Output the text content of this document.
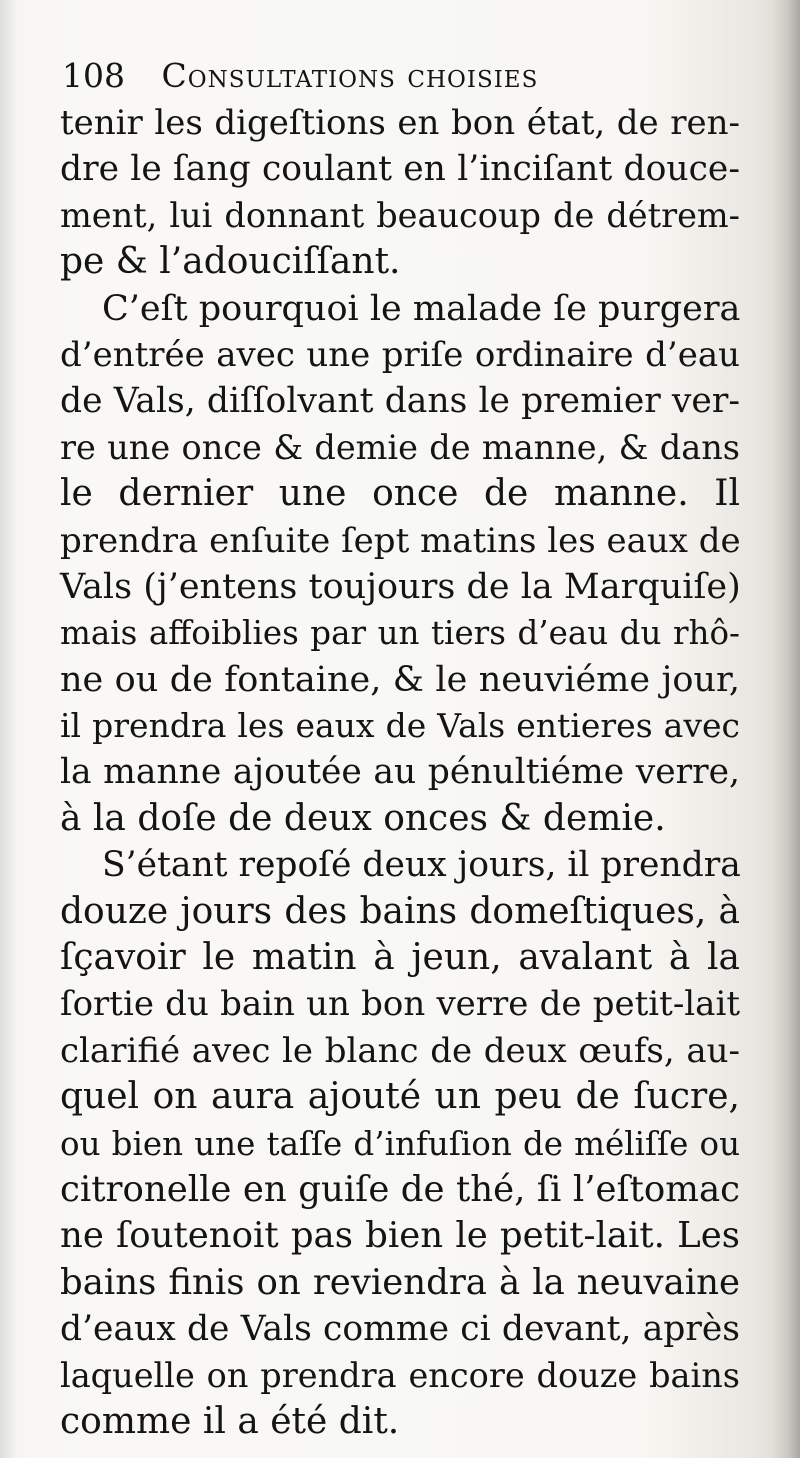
108 Consultations choisies
tenir les digeſtions en bon état, de ren-
dre le ſang coulant en l’inciſant douce-
ment, lui donnant beaucoup de détrem-
pe & l’adouciſſant.
C’eſt pourquoi le malade ſe purgera
d’entrée avec une priſe ordinaire d’eau
de Vals, diſſolvant dans le premier ver-
re une once & demie de manne, & dans
le dernier une once de manne. Il
prendra enſuite ſept matins les eaux de
Vals (j’entens toujours de la Marquiſe)
mais affoiblies par un tiers d’eau du rhô-
ne ou de fontaine, & le neuviéme jour,
il prendra les eaux de Vals entieres avec
la manne ajoutée au pénultiéme verre,
à la doſe de deux onces & demie.
S’étant repoſé deux jours, il prendra
douze jours des bains domeſtiques, à
ſçavoir le matin à jeun, avalant à la
ſortie du bain un bon verre de petit-lait
clarifié avec le blanc de deux œufs, au-
quel on aura ajouté un peu de ſucre,
ou bien une taſſe d’infuſion de méliſſe ou
citronelle en guiſe de thé, ſi l’eſtomac
ne ſoutenoit pas bien le petit-lait. Les
bains finis on reviendra à la neuvaine
d’eaux de Vals comme ci devant, après
laquelle on prendra encore douze bains
comme il a été dit.
